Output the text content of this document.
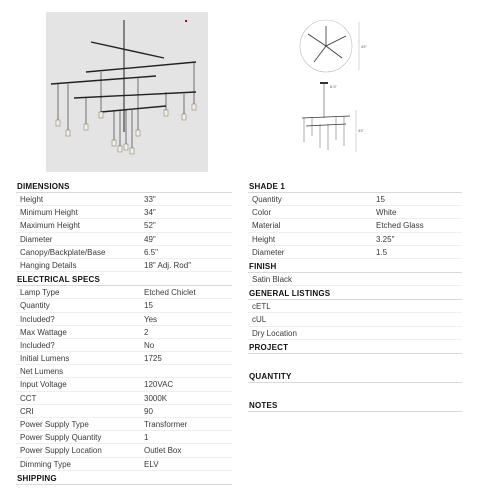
49"
6.5"
33"
DIMENSIONS
Height	33"
Minimum Height	34"
Maximum Height	52"
Diameter	49"
Canopy/Backplate/Base	6.5"
Hanging Details	18" Adj. Rod"
ELECTRICAL SPECS
Lamp Type	Etched Chiclet
Quantity	15
Included?	Yes
Max Wattage	2
Included?	No
Initial Lumens	1725
Net Lumens
Input Voltage	120VAC
CCT	3000K
CRI	90
Power Supply Type	Transformer
Power Supply Quantity	1
Power Supply Location	Outlet Box
Dimming Type	ELV
SHIPPING
SHADE 1
Quantity	15
Color	White
Material	Etched Glass
Height	3.25"
Diameter	1.5
FINISH
Satin Black
GENERAL LISTINGS
cETL
cUL
Dry Location
PROJECT
QUANTITY
NOTES
